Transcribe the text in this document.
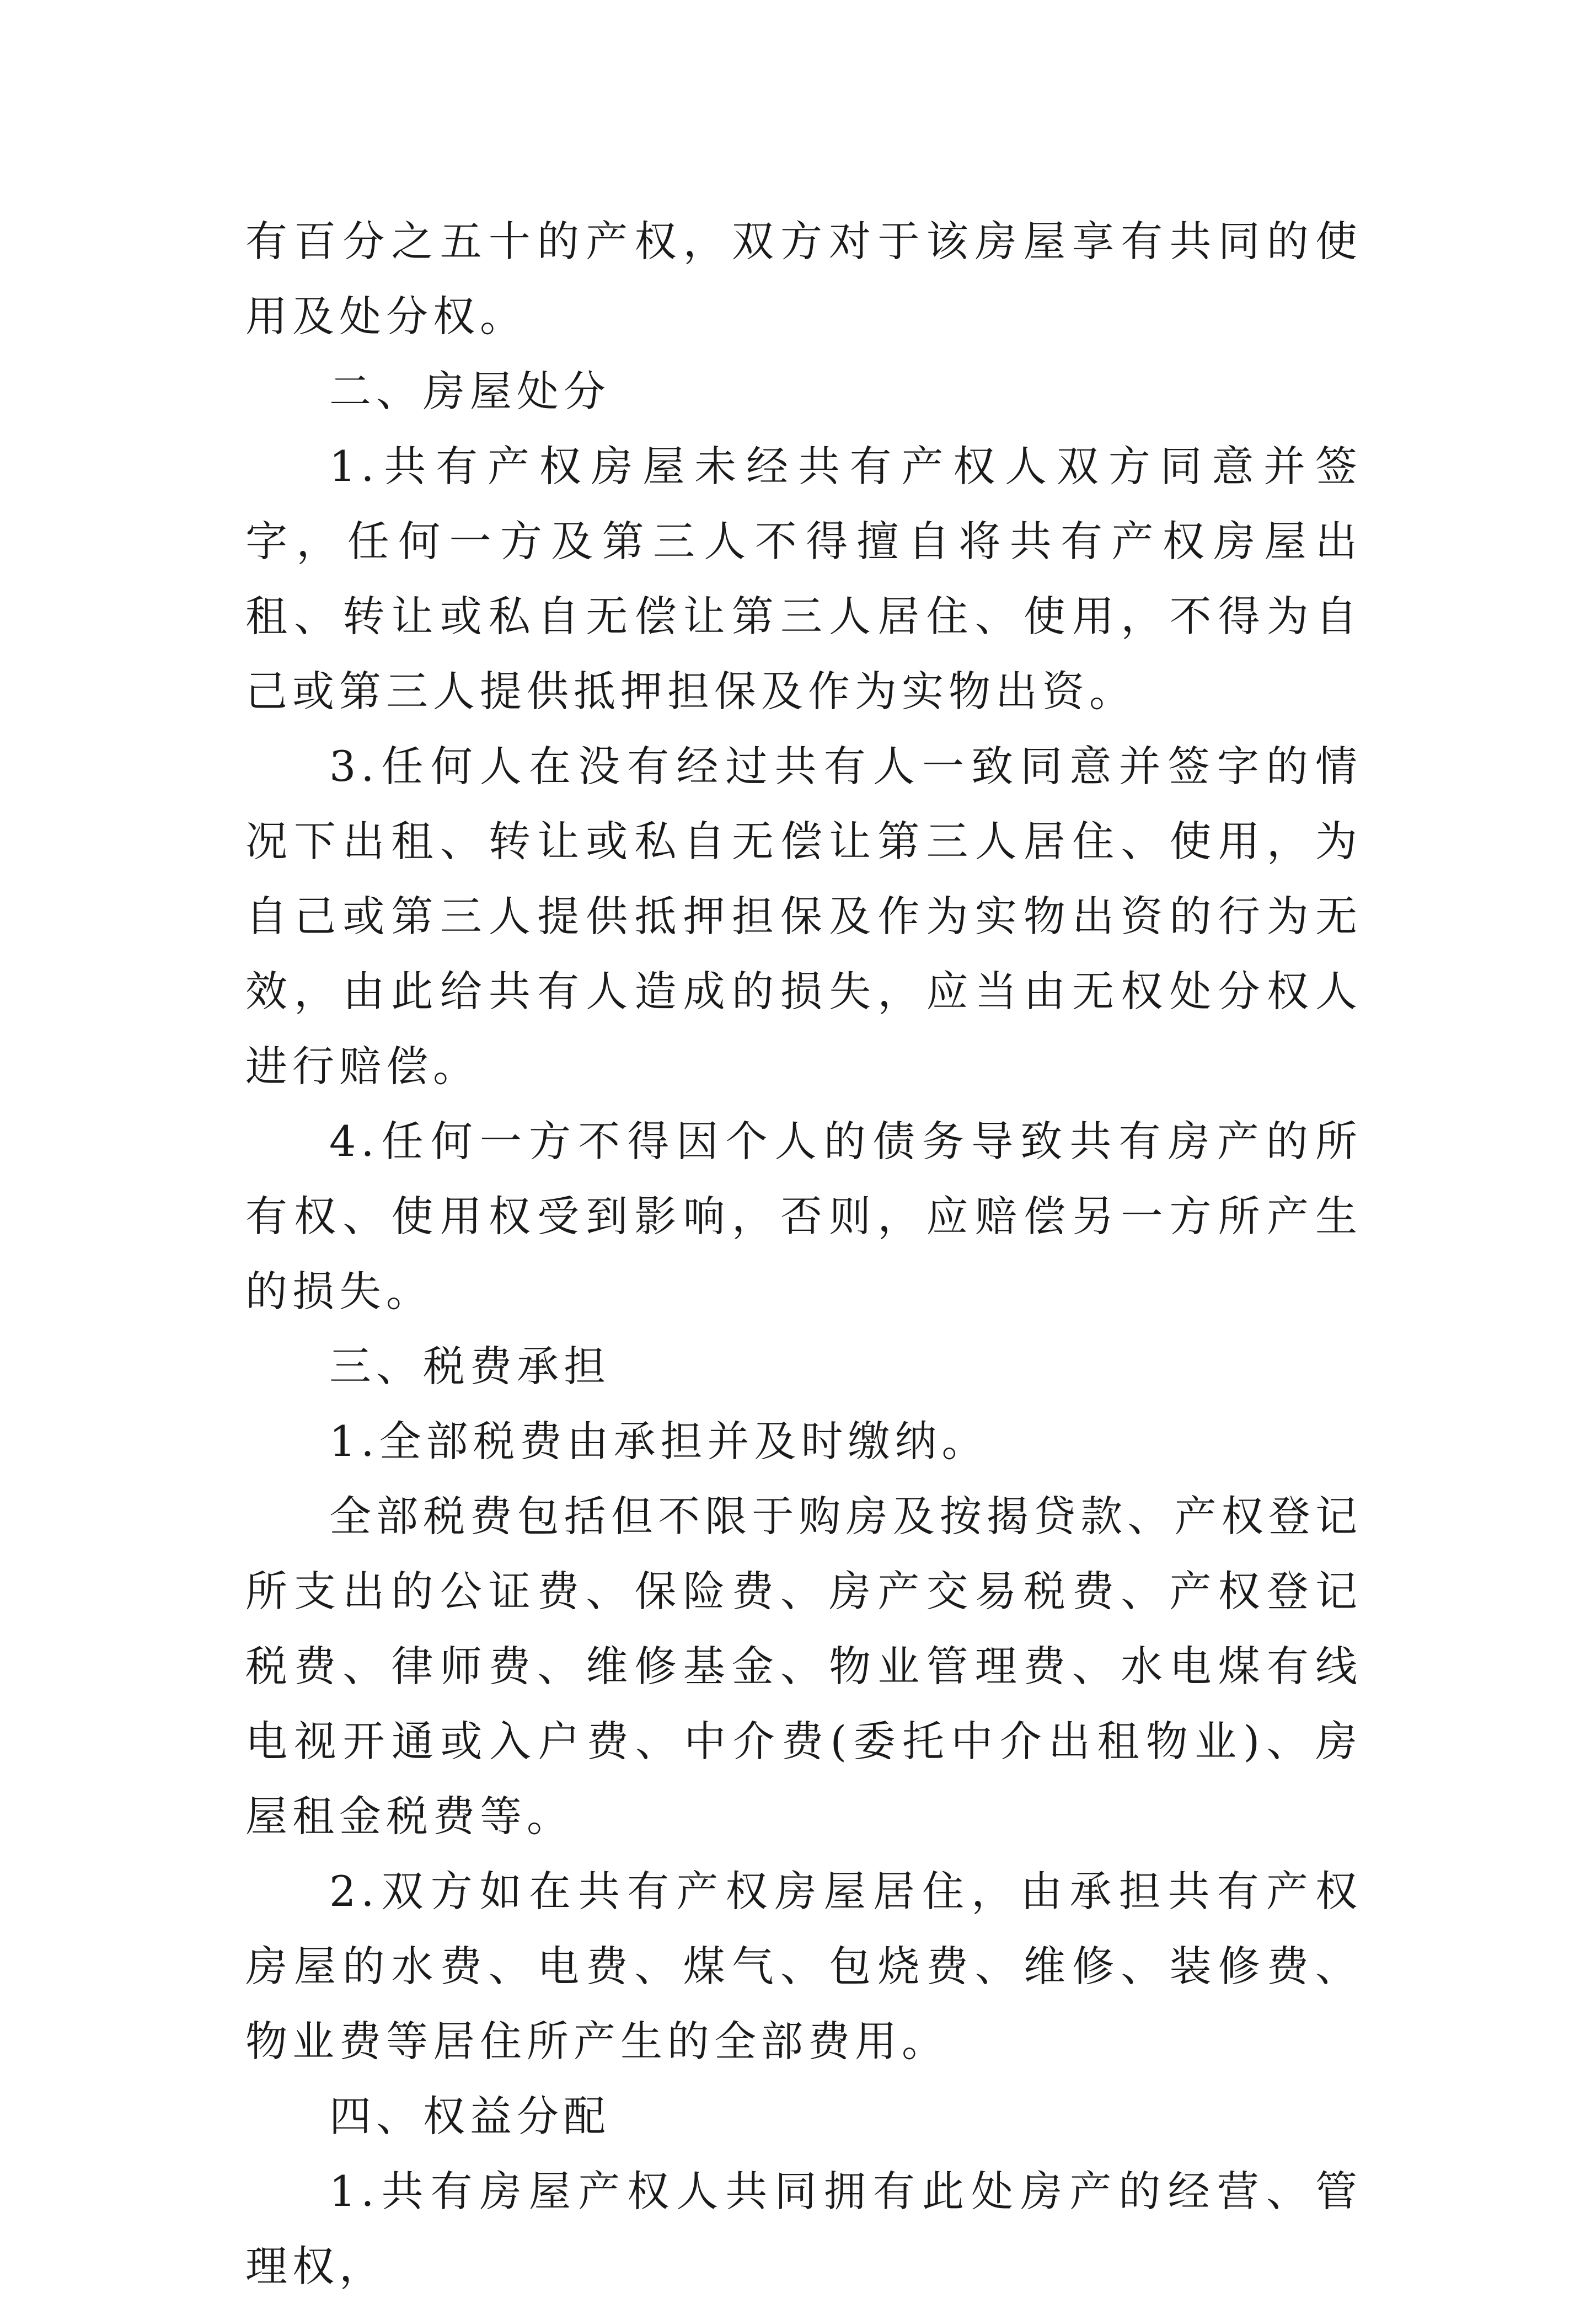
有百分之五十的产权，双方对于该房屋享有共同的使用及处分权。

二、房屋处分

1.共有产权房屋未经共有产权人双方同意并签字，任何一方及第三人不得擅自将共有产权房屋出租、转让或私自无偿让第三人居住、使用，不得为自己或第三人提供抵押担保及作为实物出资。

3.任何人在没有经过共有人一致同意并签字的情况下出租、转让或私自无偿让第三人居住、使用，为自己或第三人提供抵押担保及作为实物出资的行为无效，由此给共有人造成的损失，应当由无权处分权人进行赔偿。

4.任何一方不得因个人的债务导致共有房产的所有权、使用权受到影响，否则，应赔偿另一方所产生的损失。

三、税费承担

1.全部税费由承担并及时缴纳。

全部税费包括但不限于购房及按揭贷款、产权登记所支出的公证费、保险费、房产交易税费、产权登记税费、律师费、维修基金、物业管理费、水电煤有线电视开通或入户费、中介费(委托中介出租物业)、房屋租金税费等。

2.双方如在共有产权房屋居住，由承担共有产权房屋的水费、电费、煤气、包烧费、维修、装修费、物业费等居住所产生的全部费用。

四、权益分配

1.共有房屋产权人共同拥有此处房产的经营、管理权，
